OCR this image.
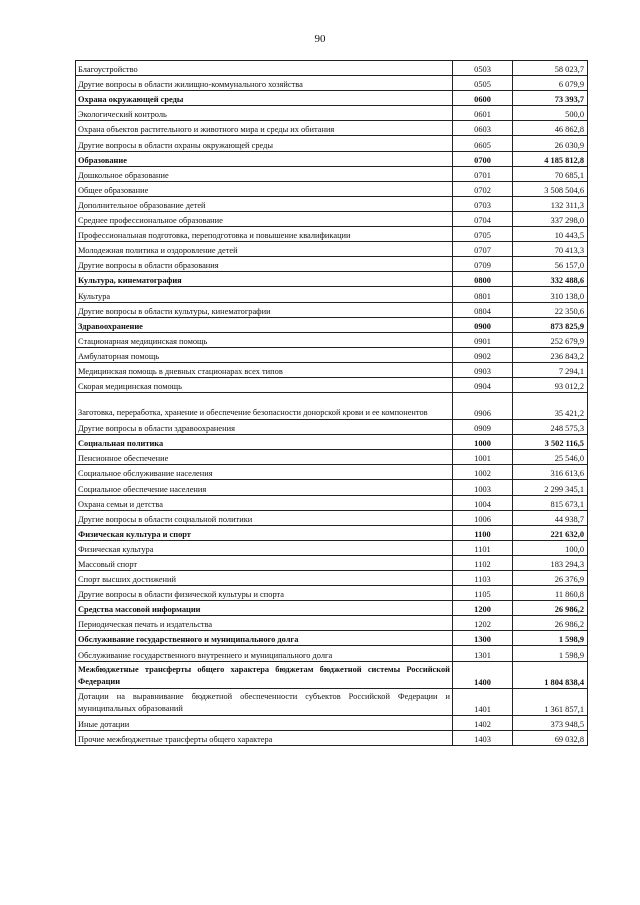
90
Благоустройство	0503	58 023,7
Другие вопросы в области жилищно-коммунального хозяйства	0505	6 079,9
Охрана окружающей среды	0600	73 393,7
Экологический контроль	0601	500,0
Охрана объектов растительного и животного мира и среды их обитания	0603	46 862,8
Другие вопросы в области охраны окружающей среды	0605	26 030,9
Образование	0700	4 185 812,8
Дошкольное образование	0701	70 685,1
Общее образование	0702	3 508 504,6
Дополнительное образование детей	0703	132 311,3
Среднее профессиональное образование	0704	337 298,0
Профессиональная подготовка, переподготовка и повышение квалификации	0705	10 443,5
Молодежная политика и оздоровление детей	0707	70 413,3
Другие вопросы в области образования	0709	56 157,0
Культура, кинематография	0800	332 488,6
Культура	0801	310 138,0
Другие вопросы в области культуры, кинематографии	0804	22 350,6
Здравоохранение	0900	873 825,9
Стационарная медицинская помощь	0901	252 679,9
Амбулаторная помощь	0902	236 843,2
Медицинская помощь в дневных стационарах всех типов	0903	7 294,1
Скорая медицинская помощь	0904	93 012,2
Заготовка, переработка, хранение и обеспечение безопасности донорской крови и ее компонентов	0906	35 421,2
Другие вопросы в области здравоохранения	0909	248 575,3
Социальная политика	1000	3 502 116,5
Пенсионное обеспечение	1001	25 546,0
Социальное обслуживание населения	1002	316 613,6
Социальное обеспечение населения	1003	2 299 345,1
Охрана семьи и детства	1004	815 673,1
Другие вопросы в области социальной политики	1006	44 938,7
Физическая культура и спорт	1100	221 632,0
Физическая культура	1101	100,0
Массовый спорт	1102	183 294,3
Спорт высших достижений	1103	26 376,9
Другие вопросы в области физической культуры и спорта	1105	11 860,8
Средства массовой информации	1200	26 986,2
Периодическая печать и издательства	1202	26 986,2
Обслуживание государственного и муниципального долга	1300	1 598,9
Обслуживание государственного внутреннего и муниципального долга	1301	1 598,9
Межбюджетные трансферты общего характера бюджетам бюджетной системы Российской Федерации	1400	1 804 838,4
Дотации на выравнивание бюджетной обеспеченности субъектов Российской Федерации и муниципальных образований	1401	1 361 857,1
Иные дотации	1402	373 948,5
Прочие межбюджетные трансферты общего характера	1403	69 032,8
